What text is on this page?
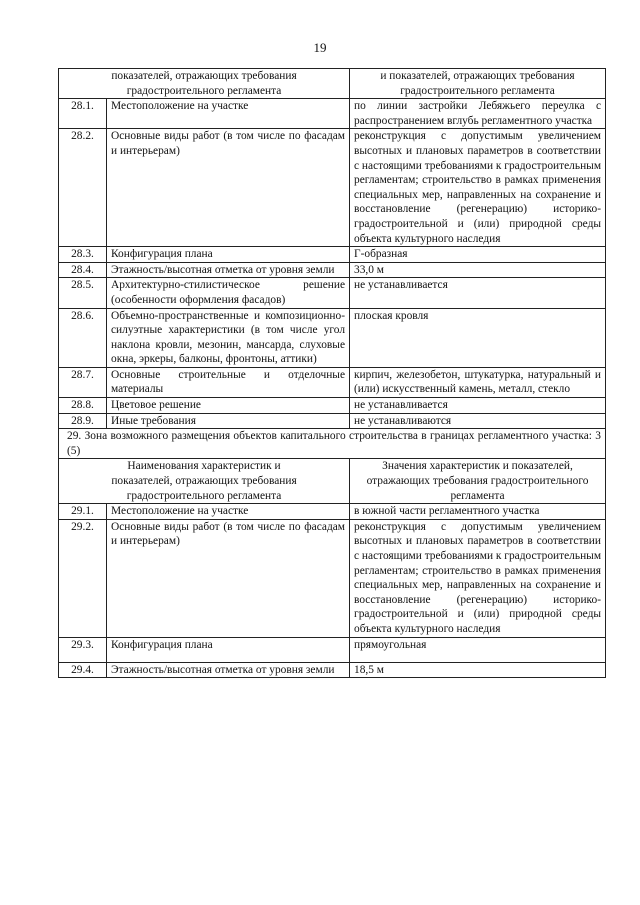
19
показателей, отражающих требования градостроительного регламента		и показателей, отражающих требования градостроительного регламента
28.1.	Местоположение на участке	по линии застройки Лебяжьего переулка с распространением вглубь регламентного участка
28.2.	Основные виды работ (в том числе по фасадам и интерьерам)	реконструкция с допустимым увеличением высотных и плановых параметров в соответствии с настоящими требованиями к градостроительным регламентам; строительство в рамках применения специальных мер, направленных на сохранение и восстановление (регенерацию) историко-градостроительной и (или) природной среды объекта культурного наследия
28.3.	Конфигурация плана	Г-образная
28.4.	Этажность/высотная отметка от уровня земли	33,0 м
28.5.	Архитектурно-стилистическое решение (особенности оформления фасадов)	не устанавливается
28.6.	Объемно-пространственные и композиционно-силуэтные характеристики (в том числе угол наклона кровли, мезонин, мансарда, слуховые окна, эркеры, балконы, фронтоны, аттики)	плоская кровля
28.7.	Основные строительные и отделочные материалы	кирпич, железобетон, штукатурка, натуральный и (или) искусственный камень, металл, стекло
28.8.	Цветовое решение	не устанавливается
28.9.	Иные требования	не устанавливаются
29. Зона возможного размещения объектов капитального строительства в границах регламентного участка: 3 (5)		
Наименования характеристик и показателей, отражающих требования градостроительного регламента		Значения характеристик и показателей, отражающих требования градостроительного регламента
29.1.	Местоположение на участке	в южной части регламентного участка
29.2.	Основные виды работ (в том числе по фасадам и интерьерам)	реконструкция с допустимым увеличением высотных и плановых параметров в соответствии с настоящими требованиями к градостроительным регламентам; строительство в рамках применения специальных мер, направленных на сохранение и восстановление (регенерацию) историко-градостроительной и (или) природной среды объекта культурного наследия
29.3.	Конфигурация плана	прямоугольная
29.4.	Этажность/высотная отметка от уровня земли	18,5 м
